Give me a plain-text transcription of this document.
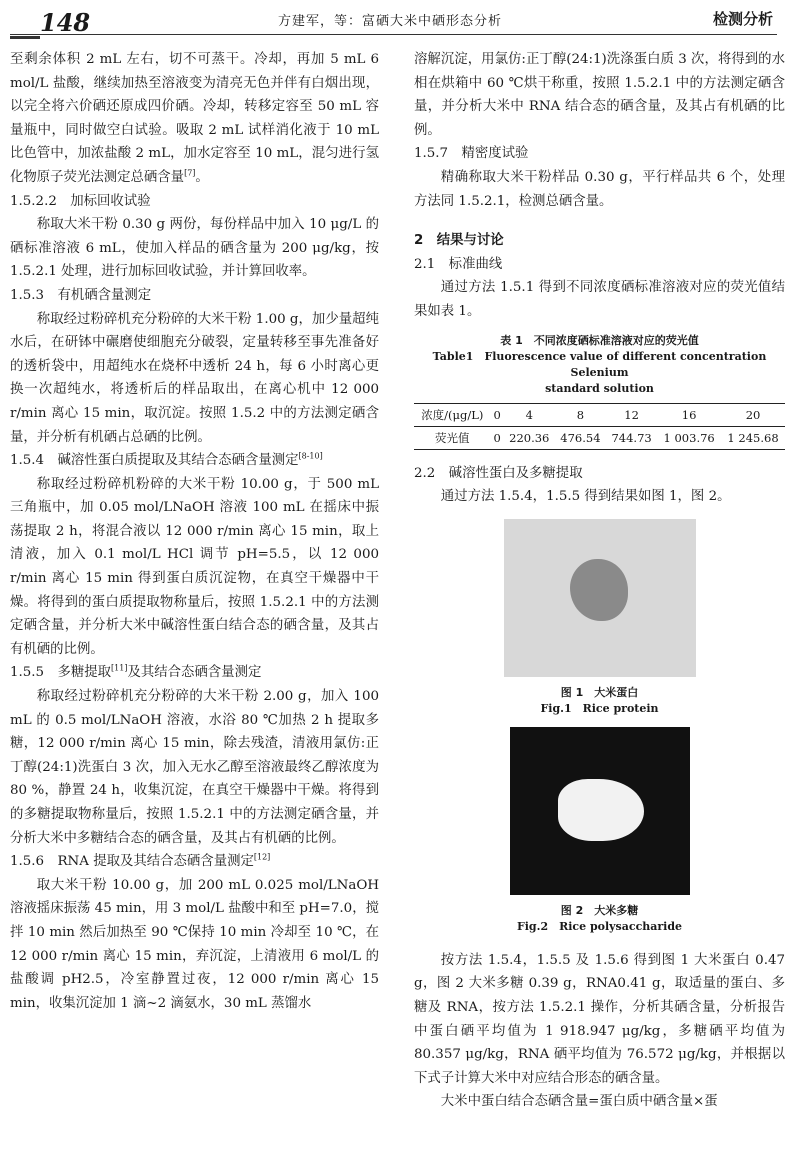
148	方建军，等：富硒大米中硒形态分析	检测分析

至剩余体积 2 mL 左右，切不可蒸干。冷却，再加 5 mL 6 mol/L 盐酸，继续加热至溶液变为清亮无色并伴有白烟出现，以完全将六价硒还原成四价硒。冷却，转移定容至 50 mL 容量瓶中，同时做空白试验。吸取 2 mL 试样消化液于 10 mL 比色管中，加浓盐酸 2 mL，加水定容至 10 mL，混匀进行氢化物原子荧光法测定总硒含量[7]。

1.5.2.2　加标回收试验

称取大米干粉 0.30 g 两份，每份样品中加入 10 μg/L 的硒标准溶液 6 mL，使加入样品的硒含量为 200 μg/kg，按 1.5.2.1 处理，进行加标回收试验，并计算回收率。

1.5.3　有机硒含量测定

称取经过粉碎机充分粉碎的大米干粉 1.00 g，加少量超纯水后，在研钵中碾磨使细胞充分破裂，定量转移至事先准备好的透析袋中，用超纯水在烧杯中透析 24 h，每 6 小时离心更换一次超纯水，将透析后的样品取出，在离心机中 12 000 r/min 离心 15 min，取沉淀。按照 1.5.2 中的方法测定硒含量，并分析有机硒占总硒的比例。

1.5.4　碱溶性蛋白质提取及其结合态硒含量测定[8-10]

称取经过粉碎机粉碎的大米干粉 10.00 g，于 500 mL 三角瓶中，加 0.05 mol/LNaOH 溶液 100 mL 在摇床中振荡提取 2 h，将混合液以 12 000 r/min 离心 15 min，取上清液，加入 0.1 mol/L HCl 调节 pH=5.5，以 12 000 r/min 离心 15 min 得到蛋白质沉淀物，在真空干燥器中干燥。将得到的蛋白质提取物称量后，按照 1.5.2.1 中的方法测定硒含量，并分析大米中碱溶性蛋白结合态的硒含量，及其占有机硒的比例。

1.5.5　多糖提取[11]及其结合态硒含量测定

称取经过粉碎机充分粉碎的大米干粉 2.00 g，加入 100 mL 的 0.5 mol/LNaOH 溶液，水浴 80 ℃加热 2 h 提取多糖，12 000 r/min 离心 15 min，除去残渣，清液用氯仿:正丁醇(24:1)洗蛋白 3 次，加入无水乙醇至溶液最终乙醇浓度为 80 %，静置 24 h，收集沉淀，在真空干燥器中干燥。将得到的多糖提取物称量后，按照 1.5.2.1 中的方法测定硒含量，并分析大米中多糖结合态的硒含量，及其占有机硒的比例。

1.5.6　RNA 提取及其结合态硒含量测定[12]

取大米干粉 10.00 g，加 200 mL 0.025 mol/LNaOH 溶液摇床振荡 45 min，用 3 mol/L 盐酸中和至 pH=7.0，搅拌 10 min 然后加热至 90 ℃保持 10 min 冷却至 10 ℃，在 12 000 r/min 离心 15 min，弃沉淀，上清液用 6 mol/L 的盐酸调 pH2.5，冷室静置过夜，12 000 r/min 离心 15 min，收集沉淀加 1 滴~2 滴氨水，30 mL 蒸馏水

溶解沉淀，用氯仿:正丁醇(24:1)洗涤蛋白质 3 次，将得到的水相在烘箱中 60 ℃烘干称重，按照 1.5.2.1 中的方法测定硒含量，并分析大米中 RNA 结合态的硒含量，及其占有机硒的比例。

1.5.7　精密度试验

精确称取大米干粉样品 0.30 g，平行样品共 6 个，处理方法同 1.5.2.1，检测总硒含量。

2　结果与讨论
2.1　标准曲线

通过方法 1.5.1 得到不同浓度硒标准溶液对应的荧光值结果如表 1。

表 1　不同浓度硒标准溶液对应的荧光值
Table1　Fluorescence value of different concentration Selenium
standard solution
浓度/(μg/L)	0	4	8	12	16	20
荧光值	0	220.36	476.54	744.73	1 003.76	1 245.68
2.2　碱溶性蛋白及多糖提取

通过方法 1.5.4，1.5.5 得到结果如图 1，图 2。

图 1　大米蛋白
Fig.1　Rice protein
图 2　大米多糖
Fig.2　Rice polysaccharide

按方法 1.5.4，1.5.5 及 1.5.6 得到图 1 大米蛋白 0.47 g，图 2 大米多糖 0.39 g，RNA0.41 g，取适量的蛋白、多糖及 RNA，按方法 1.5.2.1 操作，分析其硒含量，分析报告中蛋白硒平均值为 1 918.947 μg/kg，多糖硒平均值为 80.357 μg/kg，RNA 硒平均值为 76.572 μg/kg，并根据以下式子计算大米中对应结合形态的硒含量。

大米中蛋白结合态硒含量=蛋白质中硒含量×蛋
